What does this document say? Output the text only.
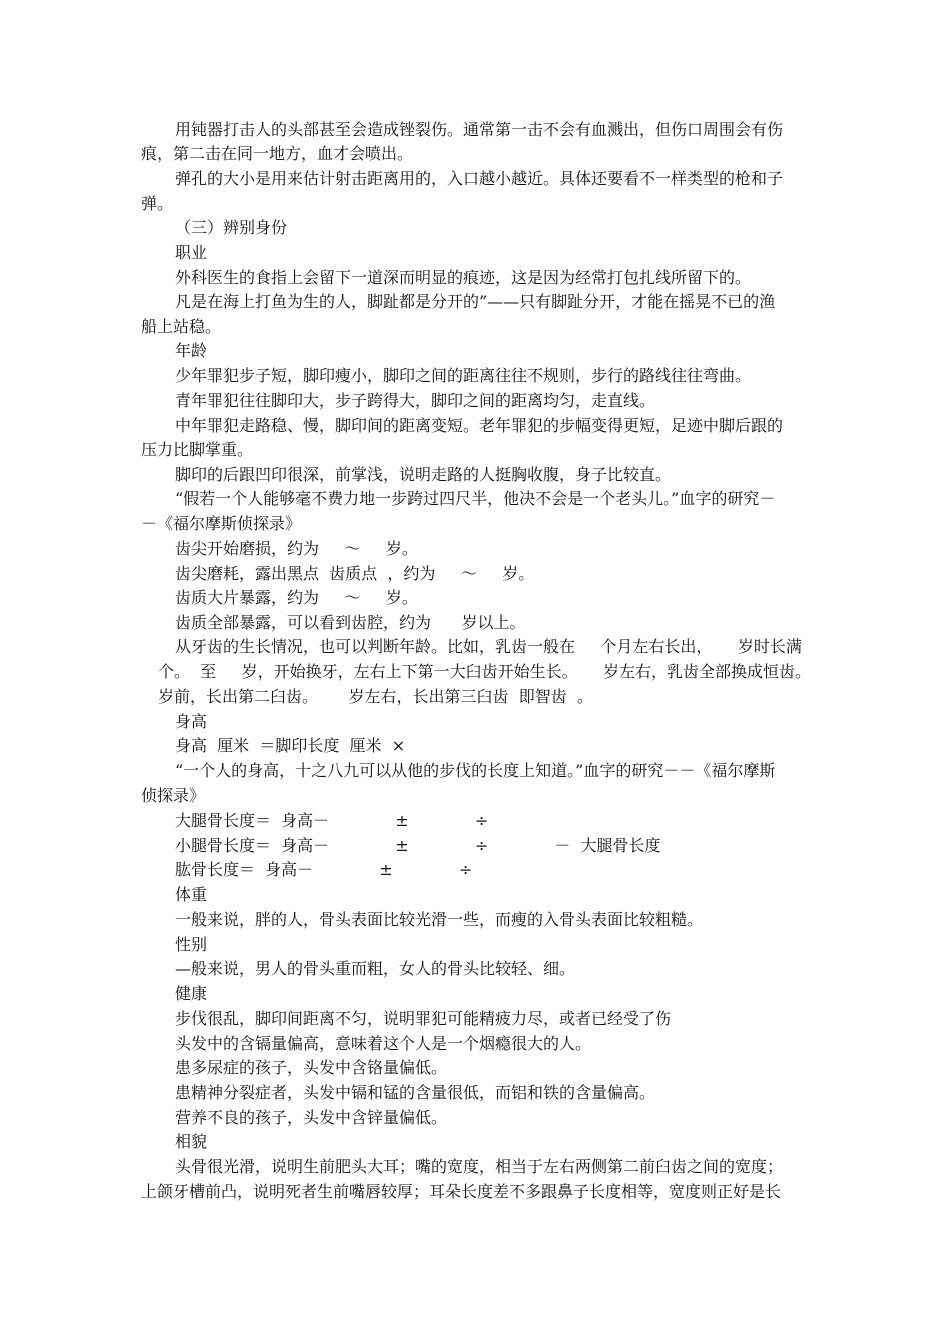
用钝器打击人的头部甚至会造成锉裂伤。通常第一击不会有血溅出，但伤口周围会有伤
痕，第二击在同一地方，血才会喷出。
弹孔的大小是用来估计射击距离用的，入口越小越近。具体还要看不一样类型的枪和子
弹。
（三）辨别身份
职业
外科医生的食指上会留下一道深而明显的痕迹，这是因为经常打包扎线所留下的。
凡是在海上打鱼为生的人，脚趾都是分开的”——只有脚趾分开，才能在摇晃不已的渔
船上站稳。
年龄
少年罪犯步子短，脚印瘦小，脚印之间的距离往往不规则，步行的路线往往弯曲。
青年罪犯往往脚印大，步子跨得大，脚印之间的距离均匀，走直线。
中年罪犯走路稳、慢，脚印间的距离变短。老年罪犯的步幅变得更短，足迹中脚后跟的
压力比脚掌重。
脚印的后跟凹印很深，前掌浅，说明走路的人挺胸收腹，身子比较直。
“假若一个人能够毫不费力地一步跨过四尺半，他决不会是一个老头儿。”血字的研究－
－《福尔摩斯侦探录》
齿尖开始磨损，约为     ～     岁。
齿尖磨耗，露出黑点  齿质点  ，约为     ～     岁。
齿质大片暴露，约为     ～     岁。
齿质全部暴露，可以看到齿腔，约为      岁以上。
从牙齿的生长情况，也可以判断年龄。比如，乳齿一般在     个月左右长出，     岁时长满
个。  至     岁，开始换牙，左右上下第一大臼齿开始生长。     岁左右，乳齿全部换成恒齿。
岁前，长出第二臼齿。      岁左右，长出第三臼齿  即智齿  。
身高
身高  厘米  ＝脚印长度  厘米  ×
“一个人的身高，十之八九可以从他的步伐的长度上知道。”血字的研究－－《福尔摩斯
侦探录》
大腿骨长度＝  身高－             ±             ÷
小腿骨长度＝  身高－             ±             ÷             －  大腿骨长度
肱骨长度＝  身高－             ±             ÷
体重
一般来说，胖的人，骨头表面比较光滑一些，而瘦的入骨头表面比较粗糙。
性别
—般来说，男人的骨头重而粗，女人的骨头比较轻、细。
健康
步伐很乱，脚印间距离不匀，说明罪犯可能精疲力尽，或者已经受了伤
头发中的含镉量偏高，意味着这个人是一个烟瘾很大的人。
患多尿症的孩子，头发中含铬量偏低。
患精神分裂症者，头发中镉和锰的含量很低，而铝和铁的含量偏高。
营养不良的孩子，头发中含锌量偏低。
相貌
头骨很光滑，说明生前肥头大耳；嘴的宽度，相当于左右两侧第二前臼齿之间的宽度；
上颌牙槽前凸，说明死者生前嘴唇较厚；耳朵长度差不多跟鼻子长度相等，宽度则正好是长
